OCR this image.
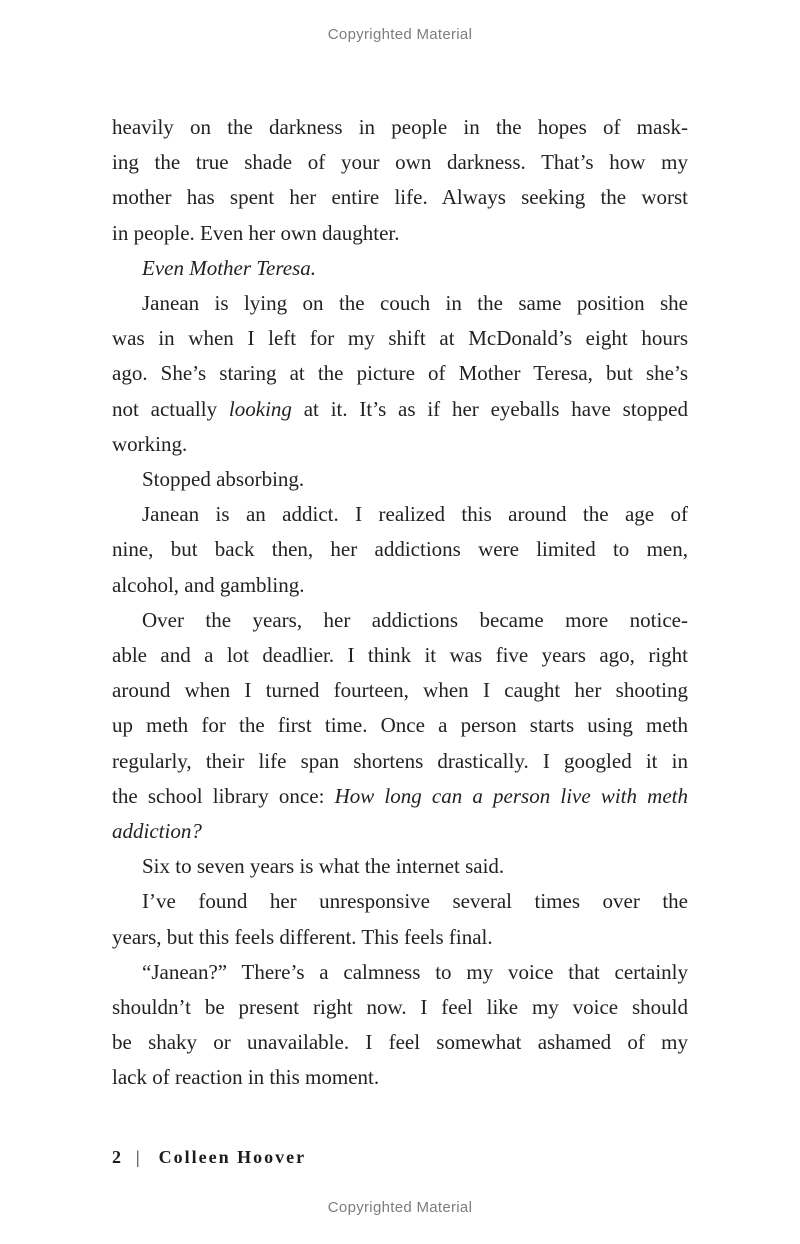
Copyrighted Material
heavily on the darkness in people in the hopes of mask-
ing the true shade of your own darkness. That’s how my
mother has spent her entire life. Always seeking the worst
in people. Even her own daughter.
Even Mother Teresa.
Janean is lying on the couch in the same position she
was in when I left for my shift at McDonald’s eight hours
ago. She’s staring at the picture of Mother Teresa, but she’s
not actually looking at it. It’s as if her eyeballs have stopped
working.
Stopped absorbing.
Janean is an addict. I realized this around the age of
nine, but back then, her addictions were limited to men,
alcohol, and gambling.
Over the years, her addictions became more notice-
able and a lot deadlier. I think it was five years ago, right
around when I turned fourteen, when I caught her shooting
up meth for the first time. Once a person starts using meth
regularly, their life span shortens drastically. I googled it in
the school library once: How long can a person live with meth
addiction?
Six to seven years is what the internet said.
I’ve found her unresponsive several times over the
years, but this feels different. This feels final.
“Janean?” There’s a calmness to my voice that certainly
shouldn’t be present right now. I feel like my voice should
be shaky or unavailable. I feel somewhat ashamed of my
lack of reaction in this moment.
2 | Colleen Hoover
Copyrighted Material
